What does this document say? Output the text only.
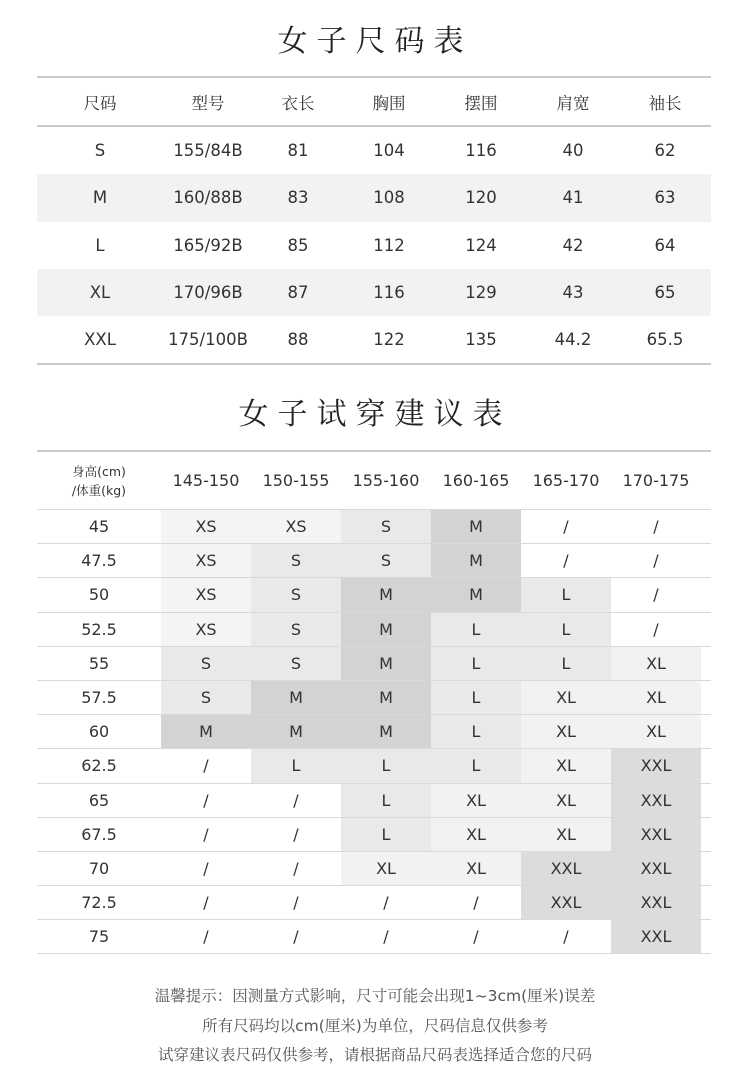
女子尺码表
尺码	型号	衣长	胸围	摆围	肩宽	袖长
S	155/84B	81	104	116	40	62
M	160/88B	83	108	120	41	63
L	165/92B	85	112	124	42	64
XL	170/96B	87	116	129	43	65
XXL	175/100B	88	122	135	44.2	65.5
女子试穿建议表
身高(cm)
/体重(kg)	145-150	150-155	155-160	160-165	165-170	170-175
45	XS	XS	S	M	/	/
47.5	XS	S	S	M	/	/
50	XS	S	M	M	L	/
52.5	XS	S	M	L	L	/
55	S	S	M	L	L	XL
57.5	S	M	M	L	XL	XL
60	M	M	M	L	XL	XL
62.5	/	L	L	L	XL	XXL
65	/	/	L	XL	XL	XXL
67.5	/	/	L	XL	XL	XXL
70	/	/	XL	XL	XXL	XXL
72.5	/	/	/	/	XXL	XXL
75	/	/	/	/	/	XXL
温馨提示：因测量方式影响，尺寸可能会出现1~3cm(厘米)误差
所有尺码均以cm(厘米)为单位，尺码信息仅供参考
试穿建议表尺码仅供参考，请根据商品尺码表选择适合您的尺码
